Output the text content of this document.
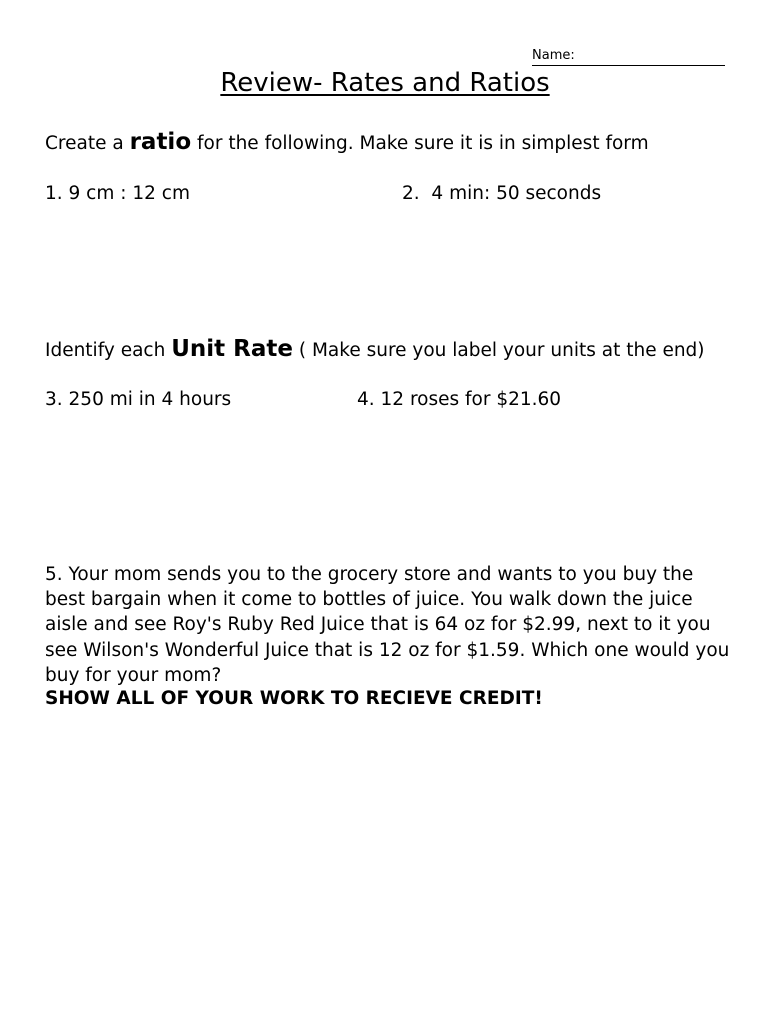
Name:
Review- Rates and Ratios
Create a ratio for the following. Make sure it is in simplest form
1. 9 cm : 12 cm	2.  4 min: 50 seconds
Identify each Unit Rate ( Make sure you label your units at the end)
3. 250 mi in 4 hours	4. 12 roses for $21.60
5. Your mom sends you to the grocery store and wants to you buy the best bargain when it come to bottles of juice. You walk down the juice aisle and see Roy's Ruby Red Juice that is 64 oz for $2.99, next to it you see Wilson's Wonderful Juice that is 12 oz for $1.59. Which one would you buy for your mom?
SHOW ALL OF YOUR WORK TO RECIEVE CREDIT!
